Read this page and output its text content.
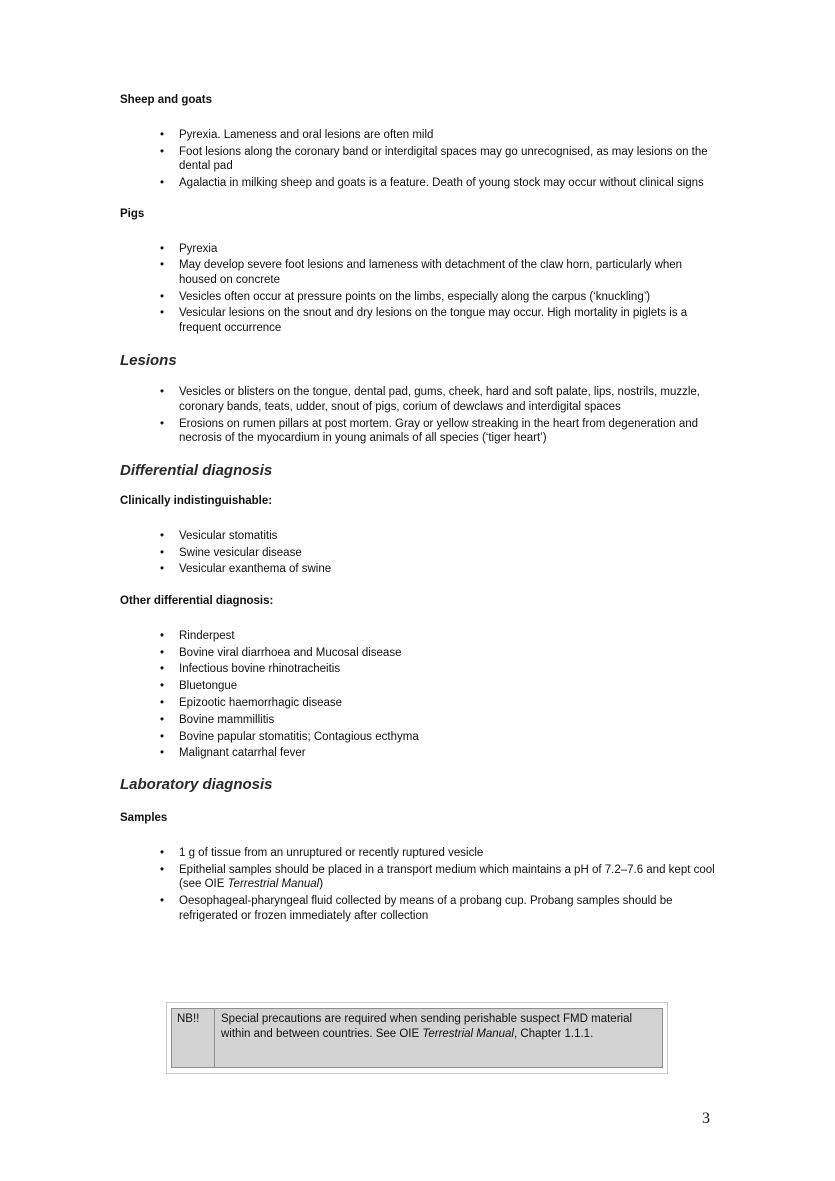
Sheep and goats
• Pyrexia. Lameness and oral lesions are often mild
• Foot lesions along the coronary band or interdigital spaces may go unrecognised, as may lesions on the dental pad
• Agalactia in milking sheep and goats is a feature. Death of young stock may occur without clinical signs
Pigs
• Pyrexia
• May develop severe foot lesions and lameness with detachment of the claw horn, particularly when housed on concrete
• Vesicles often occur at pressure points on the limbs, especially along the carpus (‘knuckling’)
• Vesicular lesions on the snout and dry lesions on the tongue may occur. High mortality in piglets is a frequent occurrence
Lesions
• Vesicles or blisters on the tongue, dental pad, gums, cheek, hard and soft palate, lips, nostrils, muzzle, coronary bands, teats, udder, snout of pigs, corium of dewclaws and interdigital spaces
• Erosions on rumen pillars at post mortem. Gray or yellow streaking in the heart from degeneration and necrosis of the myocardium in young animals of all species (‘tiger heart’)
Differential diagnosis
Clinically indistinguishable:
• Vesicular stomatitis
• Swine vesicular disease
• Vesicular exanthema of swine
Other differential diagnosis:
• Rinderpest
• Bovine viral diarrhoea and Mucosal disease
• Infectious bovine rhinotracheitis
• Bluetongue
• Epizootic haemorrhagic disease
• Bovine mammillitis
• Bovine papular stomatitis; Contagious ecthyma
• Malignant catarrhal fever
Laboratory diagnosis
Samples
• 1 g of tissue from an unruptured or recently ruptured vesicle
• Epithelial samples should be placed in a transport medium which maintains a pH of 7.2–7.6 and kept cool (see OIE Terrestrial Manual)
• Oesophageal-pharyngeal fluid collected by means of a probang cup. Probang samples should be refrigerated or frozen immediately after collection
NB!!	Special precautions are required when sending perishable suspect FMD material within and between countries. See OIE Terrestrial Manual, Chapter 1.1.1.
3
